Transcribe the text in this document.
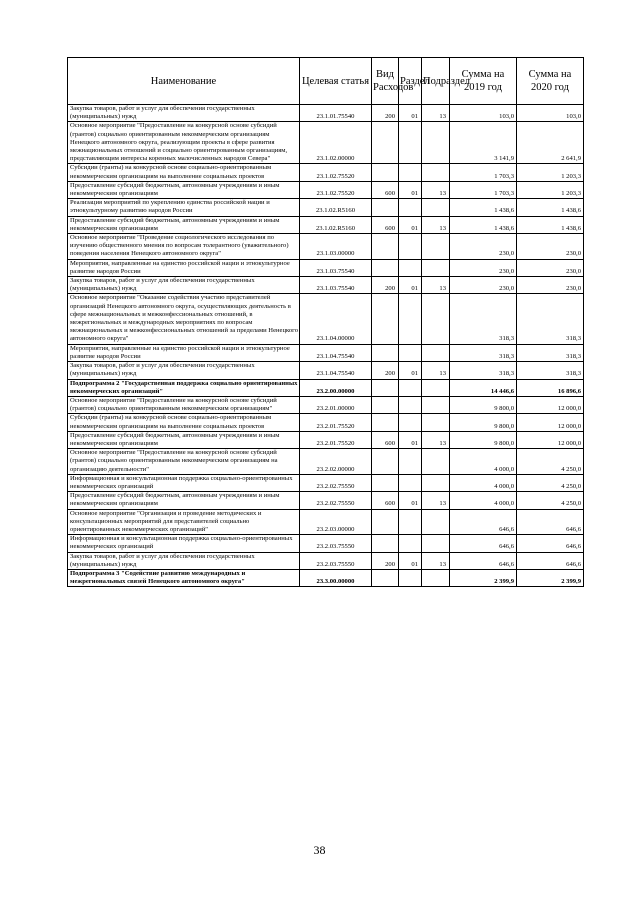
Наименование	Целевая статья	Вид Расходов	Раздел	Подраздел	Сумма на 2019 год	Сумма на 2020 год
Закупка товаров, работ и услуг для обеспечения государственных (муниципальных) нужд	23.1.01.75540	200	01	13	103,0	103,0
Основное мероприятие "Предоставление на конкурсной основе субсидий (грантов) социально ориентированным некоммерческим организациям Ненецкого автономного округа, реализующим проекты в сфере развития межнациональных отношений и социально ориентированным организациям, представляющим интересы коренных малочисленных народов Севера"	23.1.02.00000				3 141,9	2 641,9
Субсидии (гранты) на конкурсной основе социально-ориентированным некоммерческим организациям на выполнение социальных проектов	23.1.02.75520				1 703,3	1 203,3
Предоставление субсидий бюджетным, автономным учреждениям и иным некоммерческим организациям	23.1.02.75520	600	01	13	1 703,3	1 203,3
Реализация мероприятий по укреплению единства российской нации и этнокультурному развитию народов России	23.1.02.R5160				1 438,6	1 438,6
Предоставление субсидий бюджетным, автономным учреждениям и иным некоммерческим организациям	23.1.02.R5160	600	01	13	1 438,6	1 438,6
Основное мероприятие "Проведение социологического исследования по изучению общественного мнения по вопросам толерантного (уважительного) поведения населения Ненецкого автономного округа"	23.1.03.00000				230,0	230,0
Мероприятия, направленные на единство российской нации и этнокультурное развитие народов России	23.1.03.75540				230,0	230,0
Закупка товаров, работ и услуг для обеспечения государственных (муниципальных) нужд	23.1.03.75540	200	01	13	230,0	230,0
Основное мероприятие "Оказание содействия участию представителей организаций Ненецкого автономного округа, осуществляющих деятельность в сфере межнациональных и межконфессиональных отношений, в межрегиональных и международных мероприятиях по вопросам межнациональных и межконфессиональных отношений за пределами Ненецкого автономного округа"	23.1.04.00000				318,3	318,3
Мероприятия, направленные на единство российской нации и этнокультурное развитие народов России	23.1.04.75540				318,3	318,3
Закупка товаров, работ и услуг для обеспечения государственных (муниципальных) нужд	23.1.04.75540	200	01	13	318,3	318,3
Подпрограмма 2 "Государственная поддержка социально ориентированных некоммерческих организаций"	23.2.00.00000				14 446,6	16 896,6
Основное мероприятие "Предоставление на конкурсной основе субсидий (грантов) социально ориентированным некоммерческим организациям"	23.2.01.00000				9 800,0	12 000,0
Субсидии (гранты) на конкурсной основе социально-ориентированным некоммерческим организациям на выполнение социальных проектов	23.2.01.75520				9 800,0	12 000,0
Предоставление субсидий бюджетным, автономным учреждениям и иным некоммерческим организациям	23.2.01.75520	600	01	13	9 800,0	12 000,0
Основное мероприятие "Предоставление на конкурсной основе субсидий (грантов) социально ориентированным некоммерческим организациям на организацию деятельности"	23.2.02.00000				4 000,0	4 250,0
Информационная и консультационная поддержка социально-ориентированных некоммерческих организаций	23.2.02.75550				4 000,0	4 250,0
Предоставление субсидий бюджетным, автономным учреждениям и иным некоммерческим организациям	23.2.02.75550	600	01	13	4 000,0	4 250,0
Основное мероприятие "Организация и проведение методических и консультационных мероприятий для представителей социально ориентированных некоммерческих организаций"	23.2.03.00000				646,6	646,6
Информационная и консультационная поддержка социально-ориентированных некоммерческих организаций	23.2.03.75550				646,6	646,6
Закупка товаров, работ и услуг для обеспечения государственных (муниципальных) нужд	23.2.03.75550	200	01	13	646,6	646,6
Подпрограмма 3 "Содействие развитию международных и межрегиональных связей Ненецкого автономного округа"	23.3.00.00000				2 399,9	2 399,9
38
